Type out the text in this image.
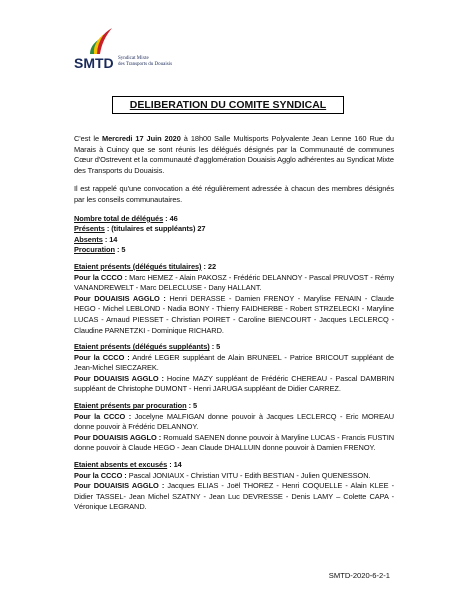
SMTD Syndicat Mixte
des Transports du Douaisis
DELIBERATION DU COMITE SYNDICAL

C'est le Mercredi 17 Juin 2020 à 18h00 Salle Multisports Polyvalente Jean Lenne 160 Rue du Marais à Cuincy que se sont réunis les délégués désignés par la Communauté de communes Cœur d'Ostrevent et la communauté d'agglomération Douaisis Agglo adhérentes au Syndicat Mixte des Transports du Douaisis.

Il est rappelé qu'une convocation a été régulièrement adressée à chacun des membres désignés par les conseils communautaires.

Nombre total de délégués : 46
Présents : (titulaires et suppléants) 27
Absents : 14
Procuration : 5
Etaient présents (délégués titulaires) : 22
Pour la CCCO : Marc HEMEZ - Alain PAKOSZ - Frédéric DELANNOY - Pascal PRUVOST - Rémy VANANDREWELT - Marc DELECLUSE - Dany HALLANT.
Pour DOUAISIS AGGLO : Henri DERASSE - Damien FRENOY - Marylise FENAIN - Claude HEGO - Michel LEBLOND - Nadia BONY - Thierry FAIDHERBE - Robert STRZELECKI - Maryline LUCAS - Arnaud PIESSET - Christian POIRET - Caroline BIENCOURT - Jacques LECLERCQ - Claudine PARNETZKI - Dominique RICHARD.
Etaient présents (délégués suppléants) : 5
Pour la CCCO : André LEGER suppléant de Alain BRUNEEL - Patrice BRICOUT suppléant de Jean-Michel SIECZAREK.
Pour DOUAISIS AGGLO : Hocine MAZY suppléant de Frédéric CHEREAU - Pascal DAMBRIN suppléant de Christophe DUMONT - Henri JARUGA suppléant de Didier CARREZ.
Etaient présents par procuration : 5
Pour la CCCO : Jocelyne MALFIGAN donne pouvoir à Jacques LECLERCQ - Eric MOREAU donne pouvoir à Frédéric DELANNOY.
Pour DOUAISIS AGGLO : Romuald SAENEN donne pouvoir à Maryline LUCAS - Francis FUSTIN donne pouvoir à Claude HEGO - Jean Claude DHALLUIN donne pouvoir à Damien FRENOY.
Etaient absents et excusés : 14
Pour la CCCO : Pascal JONIAUX - Christian VITU - Edith BESTIAN - Julien QUENESSON.
Pour DOUAISIS AGGLO : Jacques ELIAS - Joël THOREZ - Henri COQUELLE - Alain KLEE - Didier TASSEL- Jean Michel SZATNY - Jean Luc DEVRESSE - Denis LAMY – Colette CAPA - Véronique LEGRAND.
SMTD-2020-6-2-1
